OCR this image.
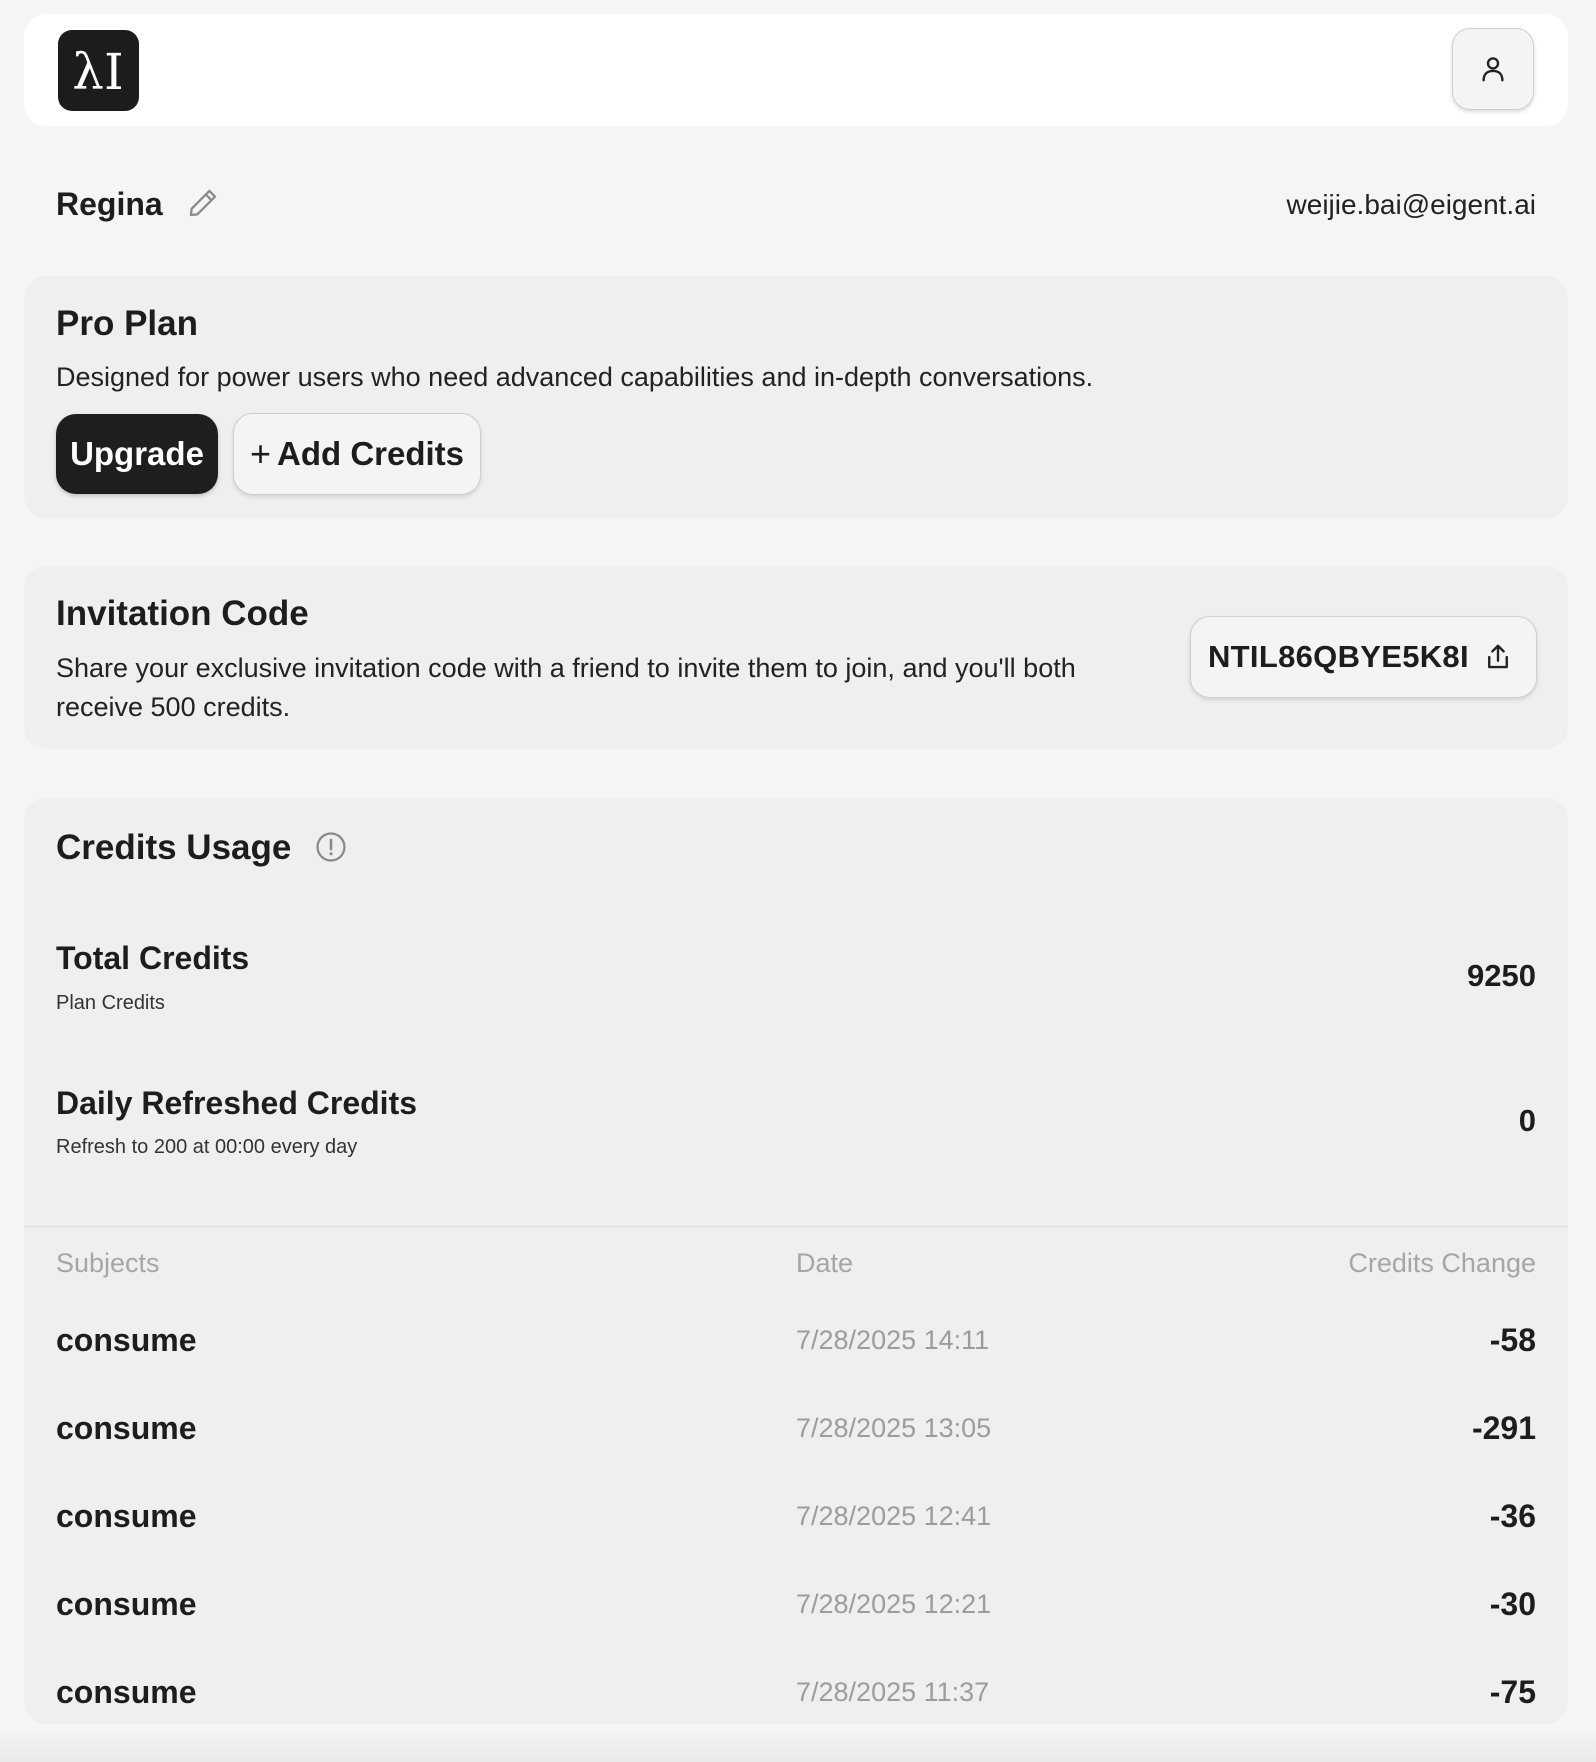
λI
Regina	weijie.bai@eigent.ai
Pro Plan
Designed for power users who need advanced capabilities and in-depth conversations.
Upgrade	+ Add Credits
Invitation Code
Share your exclusive invitation code with a friend to invite them to join, and you'll both
receive 500 credits.
NTIL86QBYE5K8I
Credits Usage
Total Credits
Plan Credits
9250
Daily Refreshed Credits
Refresh to 200 at 00:00 every day
0
Subjects	Date	Credits Change
consume	7/28/2025 14:11	-58
consume	7/28/2025 13:05	-291
consume	7/28/2025 12:41	-36
consume	7/28/2025 12:21	-30
consume	7/28/2025 11:37	-75
